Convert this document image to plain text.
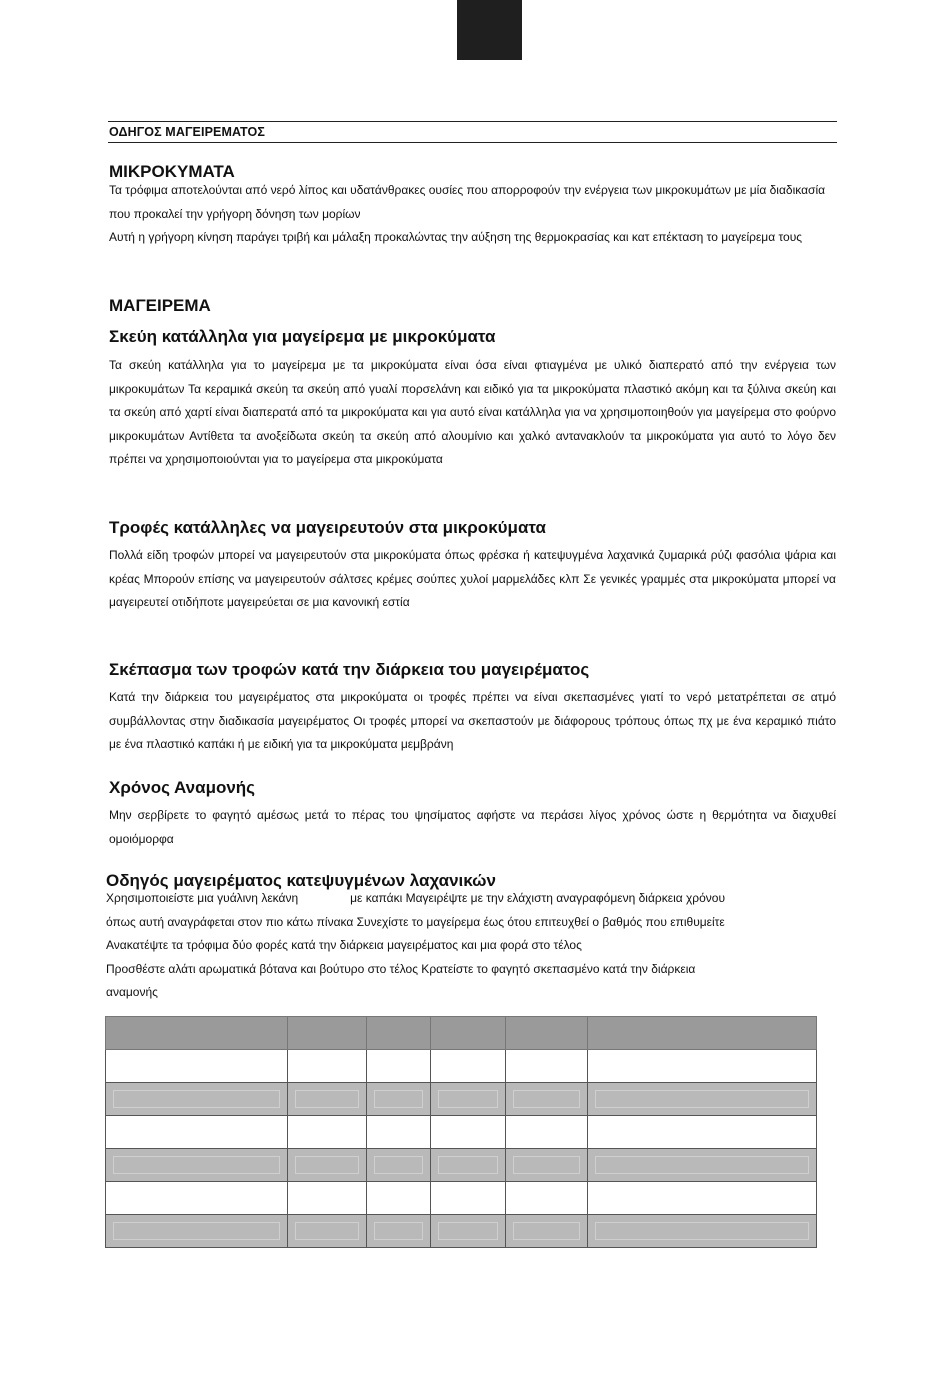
ΟΔΗΓΟΣ ΜΑΓΕΙΡΕΜΑΤΟΣ
ΜΙΚΡΟΚΥΜΑΤΑ

Τα τρόφιμα αποτελούνται από νερό λίπος και υδατάνθρακες ουσίες που απορροφούν την ενέργεια των μικροκυμάτων με μία διαδικασία που προκαλεί την γρήγορη δόνηση των μορίων

Αυτή η γρήγορη κίνηση παράγει τριβή και μάλαξη προκαλώντας την αύξηση της θερμοκρασίας και κατ επέκταση το μαγείρεμα τους

ΜΑΓΕΙΡΕΜΑ
Σκεύη κατάλληλα για μαγείρεμα με μικροκύματα

Τα σκεύη κατάλληλα για το μαγείρεμα με τα μικροκύματα είναι όσα είναι φτιαγμένα με υλικό διαπερατό από την ενέργεια των μικροκυμάτων Τα κεραμικά σκεύη τα σκεύη από γυαλί πορσελάνη και ειδικό για τα μικροκύματα πλαστικό ακόμη και τα ξύλινα σκεύη και τα σκεύη από χαρτί είναι διαπερατά από τα μικροκύματα και για αυτό είναι κατάλληλα για να χρησιμοποιηθούν για μαγείρεμα στο φούρνο μικροκυμάτων Αντίθετα τα ανοξείδωτα σκεύη τα σκεύη από αλουμίνιο και χαλκό αντανακλούν τα μικροκύματα για αυτό το λόγο δεν πρέπει να χρησιμοποιούνται για το μαγείρεμα στα μικροκύματα

Τροφές κατάλληλες να μαγειρευτούν στα μικροκύματα

Πολλά είδη τροφών μπορεί να μαγειρευτούν στα μικροκύματα όπως φρέσκα ή κατεψυγμένα λαχανικά ζυμαρικά ρύζι φασόλια ψάρια και κρέας Μπορούν επίσης να μαγειρευτούν σάλτσες κρέμες σούπες χυλοί μαρμελάδες κλπ Σε γενικές γραμμές στα μικροκύματα μπορεί να μαγειρευτεί οτιδήποτε μαγειρεύεται σε μια κανονική εστία

Σκέπασμα των τροφών κατά την διάρκεια του μαγειρέματος

Κατά την διάρκεια του μαγειρέματος στα μικροκύματα οι τροφές πρέπει να είναι σκεπασμένες γιατί το νερό μετατρέπεται σε ατμό συμβάλλοντας στην διαδικασία μαγειρέματος Οι τροφές μπορεί να σκεπαστούν με διάφορους τρόπους όπως πχ με ένα κεραμικό πιάτο με ένα πλαστικό καπάκι ή με ειδική για τα μικροκύματα μεμβράνη

Χρόνος Αναμονής

Μην σερβίρετε το φαγητό αμέσως μετά το πέρας του ψησίματος αφήστε να περάσει λίγος χρόνος ώστε η θερμότητα να διαχυθεί ομοιόμορφα

Οδηγός μαγειρέματος κατεψυγμένων λαχανικών
Χρησιμοποιείστε μια γυάλινη λεκάνη	με καπάκι Μαγειρέψτε με την ελάχιστη αναγραφόμενη διάρκεια χρόνου
όπως αυτή αναγράφεται στον πιο κάτω πίνακα Συνεχίστε το μαγείρεμα έως ότου επιτευχθεί ο βαθμός που επιθυμείτε
Ανακατέψτε τα τρόφιμα δύο φορές κατά την διάρκεια μαγειρέματος και μια φορά στο τέλος
Προσθέστε αλάτι αρωματικά βότανα και βούτυρο στο τέλος Κρατείστε το φαγητό σκεπασμένο κατά την διάρκεια
αναμονής
